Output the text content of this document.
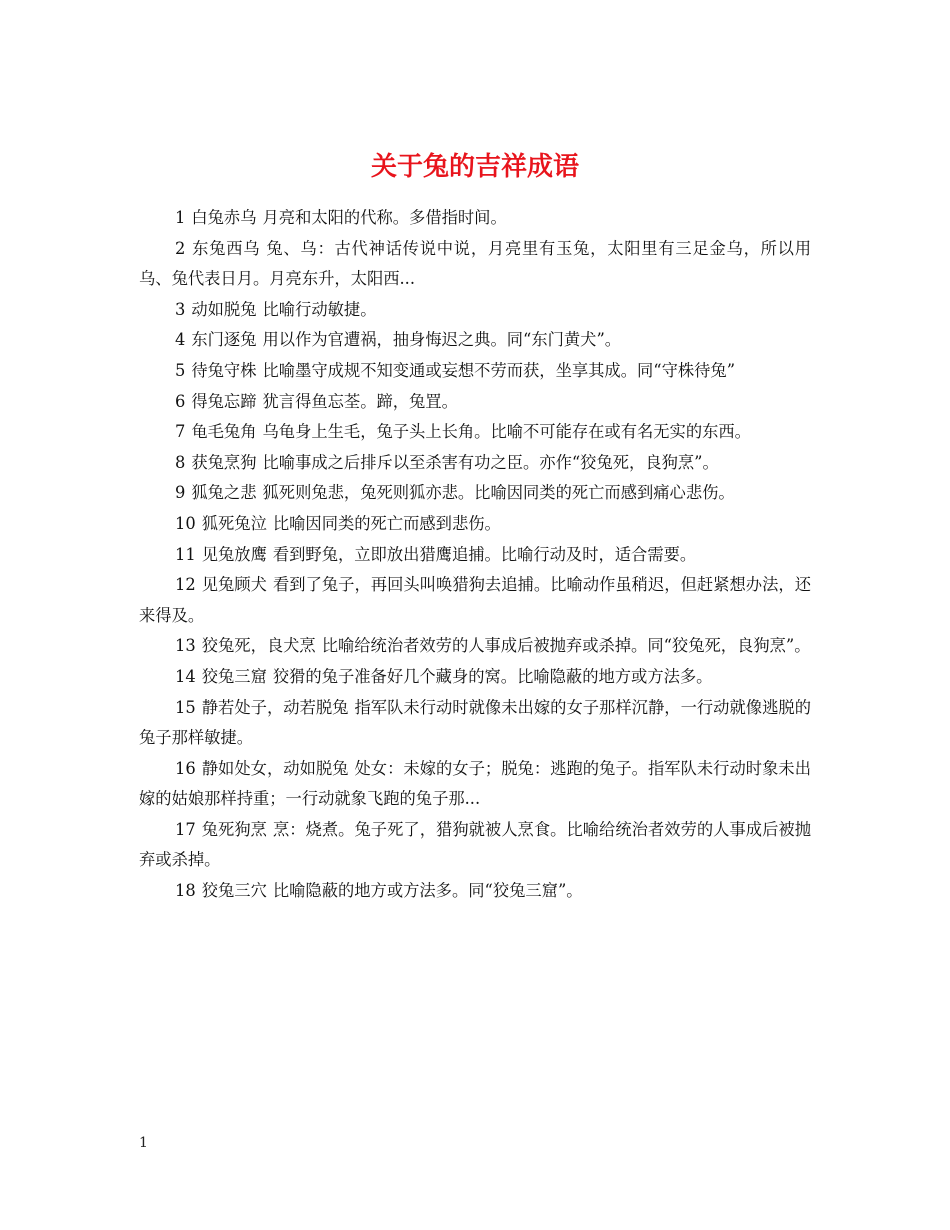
关于兔的吉祥成语

1 白兔赤乌 月亮和太阳的代称。多借指时间。

2 东兔西乌 兔、乌：古代神话传说中说，月亮里有玉兔，太阳里有三足金乌，所以用乌、兔代表日月。月亮东升，太阳西...

3 动如脱兔 比喻行动敏捷。

4 东门逐兔 用以作为官遭祸，抽身悔迟之典。同“东门黄犬”。

5 待兔守株 比喻墨守成规不知变通或妄想不劳而获，坐享其成。同“守株待兔”

6 得兔忘蹄 犹言得鱼忘荃。蹄，兔罝。

7 龟毛兔角 乌龟身上生毛，兔子头上长角。比喻不可能存在或有名无实的东西。

8 获兔烹狗 比喻事成之后排斥以至杀害有功之臣。亦作“狡兔死，良狗烹”。

9 狐兔之悲 狐死则兔悲，兔死则狐亦悲。比喻因同类的死亡而感到痛心悲伤。

10 狐死兔泣 比喻因同类的死亡而感到悲伤。

11 见兔放鹰 看到野兔，立即放出猎鹰追捕。比喻行动及时，适合需要。

12 见兔顾犬 看到了兔子，再回头叫唤猎狗去追捕。比喻动作虽稍迟，但赶紧想办法，还来得及。

13 狡兔死，良犬烹 比喻给统治者效劳的人事成后被抛弃或杀掉。同“狡兔死，良狗烹”。

14 狡兔三窟 狡猾的兔子准备好几个藏身的窝。比喻隐蔽的地方或方法多。

15 静若处子，动若脱兔 指军队未行动时就像未出嫁的女子那样沉静，一行动就像逃脱的兔子那样敏捷。

16 静如处女，动如脱兔 处女：未嫁的女子；脱兔：逃跑的兔子。指军队未行动时象未出嫁的姑娘那样持重；一行动就象飞跑的兔子那...

17 兔死狗烹 烹：烧煮。兔子死了，猎狗就被人烹食。比喻给统治者效劳的人事成后被抛弃或杀掉。

18 狡兔三穴 比喻隐蔽的地方或方法多。同“狡兔三窟”。

1
